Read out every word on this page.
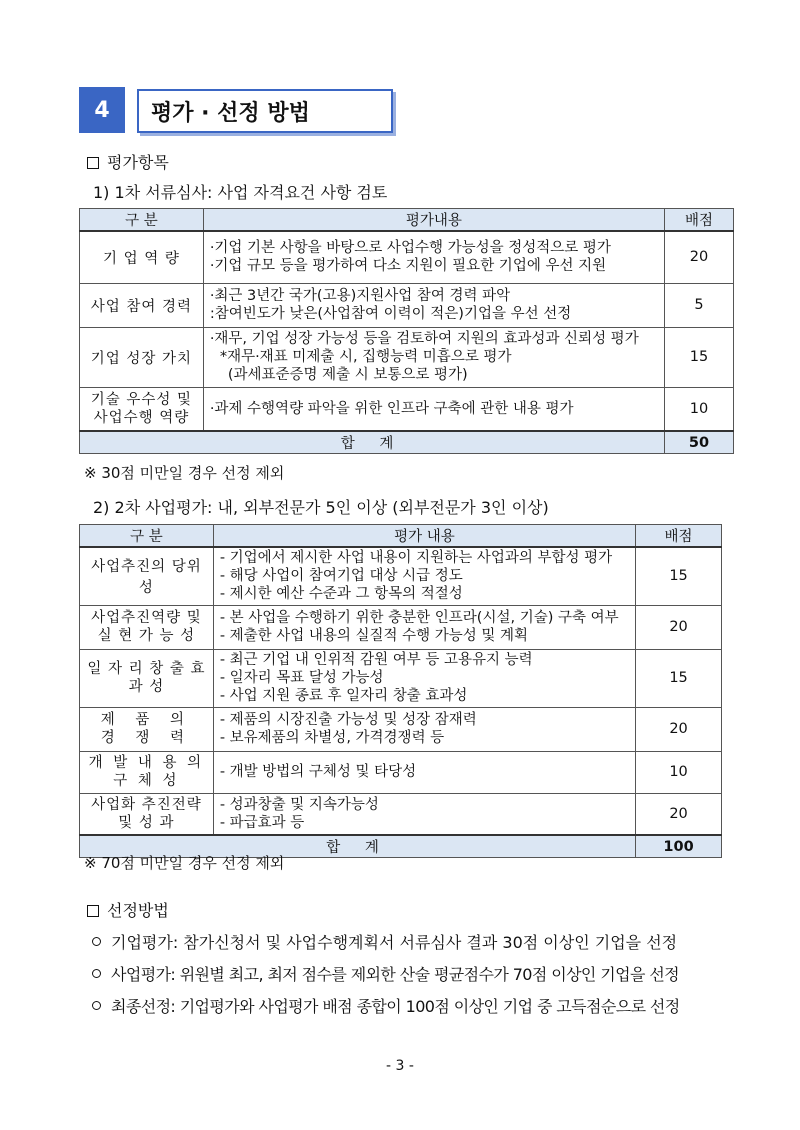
4	평가 · 선정 방법
평가항목
1) 1차 서류심사: 사업 자격요건 사항 검토
구 분	평가내용	배점
기 업 역 량	·기업 기본 사항을 바탕으로 사업수행 가능성을 정성적으로 평가
·기업 규모 등을 평가하여 다소 지원이 필요한 기업에 우선 지원	20
사업 참여 경력	·최근 3년간 국가(고용)지원사업 참여 경력 파악
:참여빈도가 낮은(사업참여 이력이 적은)기업을 우선 선정	5
기업 성장 가치	·재무, 기업 성장 가능성 등을 검토하여 지원의 효과성과 신뢰성 평가
*재무·재표 미제출 시, 집행능력 미흡으로 평가
(과세표준증명 제출 시 보통으로 평가)	15
기술 우수성 및 사업수행 역량	·과제 수행역량 파악을 위한 인프라 구축에 관한 내용 평가	10
합 계		50
※ 30점 미만일 경우 선정 제외
2) 2차 사업평가: 내, 외부전문가 5인 이상 (외부전문가 3인 이상)
구 분	평가 내용	배점
사업추진의 당위성	- 기업에서 제시한 사업 내용이 지원하는 사업과의 부합성 평가
- 해당 사업이 참여기업 대상 시급 정도
- 제시한 예산 수준과 그 항목의 적절성	15
사업추진역량 및 실 현 가 능 성	- 본 사업을 수행하기 위한 충분한 인프라(시설, 기술) 구축 여부
- 제출한 사업 내용의 실질적 수행 가능성 및 계획	20
일 자 리 창 출 효 과 성	- 최근 기업 내 인위적 감원 여부 등 고용유지 능력
- 일자리 목표 달성 가능성
- 사업 지원 종료 후 일자리 창출 효과성	15
제 품 의 경 쟁 력	- 제품의 시장진출 가능성 및 성장 잠재력
- 보유제품의 차별성, 가격경쟁력 등	20
개 발 내 용 의 구 체 성	- 개발 방법의 구체성 및 타당성	10
사업화 추진전략 및 성 과	- 성과창출 및 지속가능성
- 파급효과 등	20
합 계		100
※ 70점 미만일 경우 선정 제외
선정방법
기업평가: 참가신청서 및 사업수행계획서 서류심사 결과 30점 이상인 기업을 선정
사업평가: 위원별 최고, 최저 점수를 제외한 산술 평균점수가 70점 이상인 기업을 선정
최종선정: 기업평가와 사업평가 배점 종합이 100점 이상인 기업 중 고득점순으로 선정
- 3 -
